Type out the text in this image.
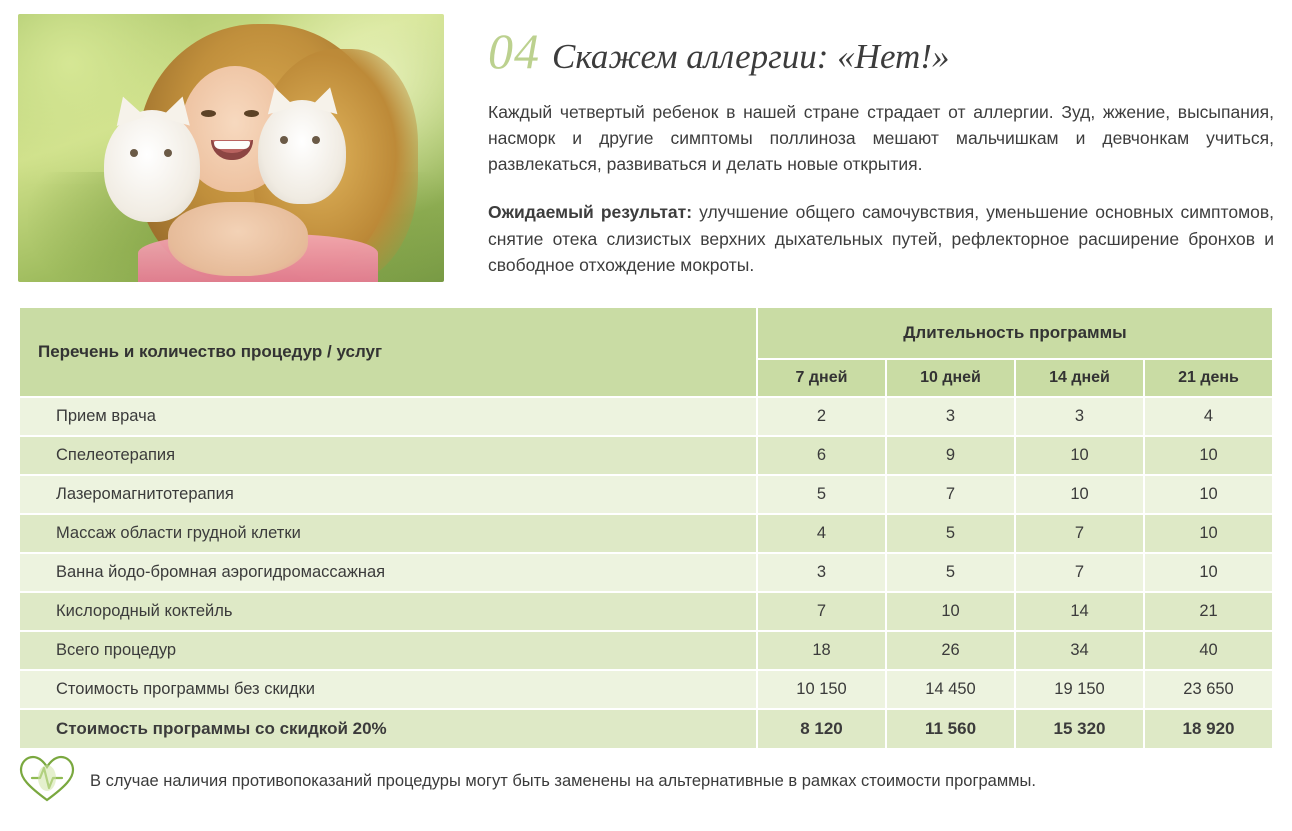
04 Скажем аллергии: «Нет!»
Каждый четвертый ребенок в нашей стране страдает от аллергии. Зуд, жжение, высыпания, насморк и другие симптомы поллиноза мешают мальчишкам и девчонкам учиться, развлекаться, развиваться и делать новые открытия.
Ожидаемый результат: улучшение общего самочувствия, уменьшение основных симптомов, снятие отека слизистых верхних дыхательных путей, рефлекторное расширение бронхов и свободное отхождение мокроты.
Перечень и количество процедур / услуг	Длительность программы			
	7 дней	10 дней	14 дней	21 день
Прием врача	2	3	3	4
Спелеотерапия	6	9	10	10
Лазеромагнитотерапия	5	7	10	10
Массаж области грудной клетки	4	5	7	10
Ванна йодо-бромная аэрогидромассажная	3	5	7	10
Кислородный коктейль	7	10	14	21
Всего процедур	18	26	34	40
Стоимость программы без скидки	10 150	14 450	19 150	23 650
Стоимость программы со скидкой 20%	8 120	11 560	15 320	18 920
В случае наличия противопоказаний процедуры могут быть заменены на альтернативные в рамках стоимости программы.
